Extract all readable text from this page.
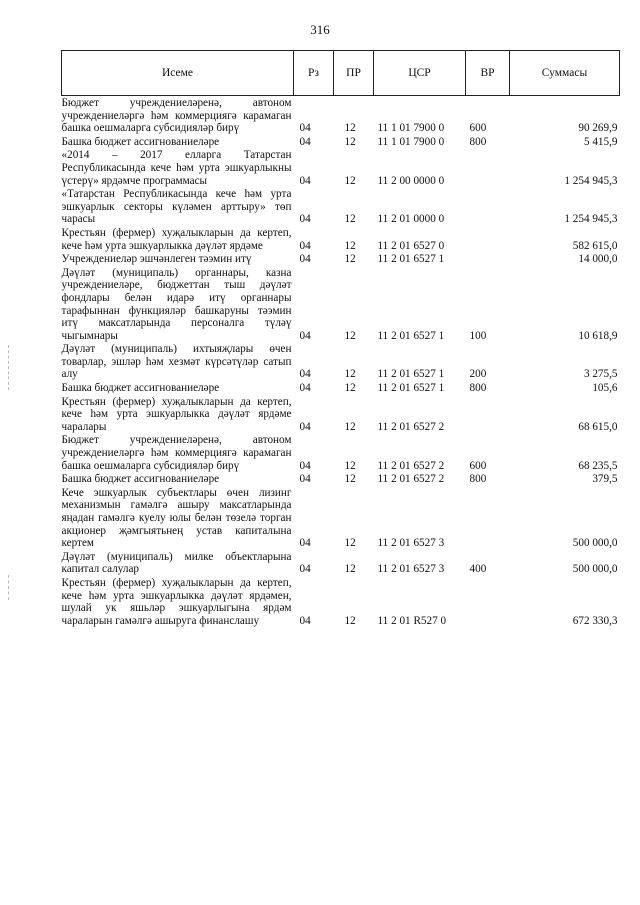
316
Исеме	Рз	ПР	ЦСР	ВР	Суммасы
Бюджет учреждениеләренә, автоном учреждениеләргә һәм коммерциягә карамаган башка оешмаларга субсидияләр бирү	04	12	11 1 01 7900 0	600	90 269,9
Башка бюджет ассигнованиеләре	04	12	11 1 01 7900 0	800	5 415,9
«2014 – 2017 елларга Татарстан Республикасында кече һәм урта эшкуарлыкны үстерү» ярдәмче программасы	04	12	11 2 00 0000 0		1 254 945,3
«Татарстан Республикасында кече һәм урта эшкуарлык секторы күләмен арттыру» төп чарасы	04	12	11 2 01 0000 0		1 254 945,3
Крестьян (фермер) хуҗалыкларын да кертеп, кече һәм урта эшкуарлыкка дәүләт ярдәме	04	12	11 2 01 6527 0		582 615,0
Учреждениеләр эшчәнлеген тәэмин итү	04	12	11 2 01 6527 1		14 000,0
Дәүләт (муниципаль) органнары, казна учреждениеләре, бюджеттан тыш дәүләт фондлары белән идарә итү органнары тарафыннан функцияләр башкаруны тәэмин итү максатларында персоналга түләү чыгымнары	04	12	11 2 01 6527 1	100	10 618,9
Дәүләт (муниципаль) ихтыяҗлары өчен товарлар, эшләр һәм хезмәт күрсәтүләр сатып алу	04	12	11 2 01 6527 1	200	3 275,5
Башка бюджет ассигнованиеләре	04	12	11 2 01 6527 1	800	105,6
Крестьян (фермер) хуҗалыкларын да кертеп, кече һәм урта эшкуарлыкка дәүләт ярдәме чаралары	04	12	11 2 01 6527 2		68 615,0
Бюджет учреждениеләренә, автоном учреждениеләргә һәм коммерциягә карамаган башка оешмаларга субсидияләр бирү	04	12	11 2 01 6527 2	600	68 235,5
Башка бюджет ассигнованиеләре	04	12	11 2 01 6527 2	800	379,5
Кече эшкуарлык субъектлары өчен лизинг механизмын гамәлгә ашыру максатларында яңадан гамәлгә куелу юлы белән төзелә торган акционер җәмгыятьнең устав капиталына кертем	04	12	11 2 01 6527 3		500 000,0
Дәүләт (муниципаль) милке объектларына капитал салулар	04	12	11 2 01 6527 3	400	500 000,0
Крестьян (фермер) хуҗалыкларын да кертеп, кече һәм урта эшкуарлыкка дәүләт ярдәмен, шулай ук яшьләр эшкуарлыгына ярдәм чараларын гамәлгә ашыруга финанслашу	04	12	11 2 01 R527 0		672 330,3
